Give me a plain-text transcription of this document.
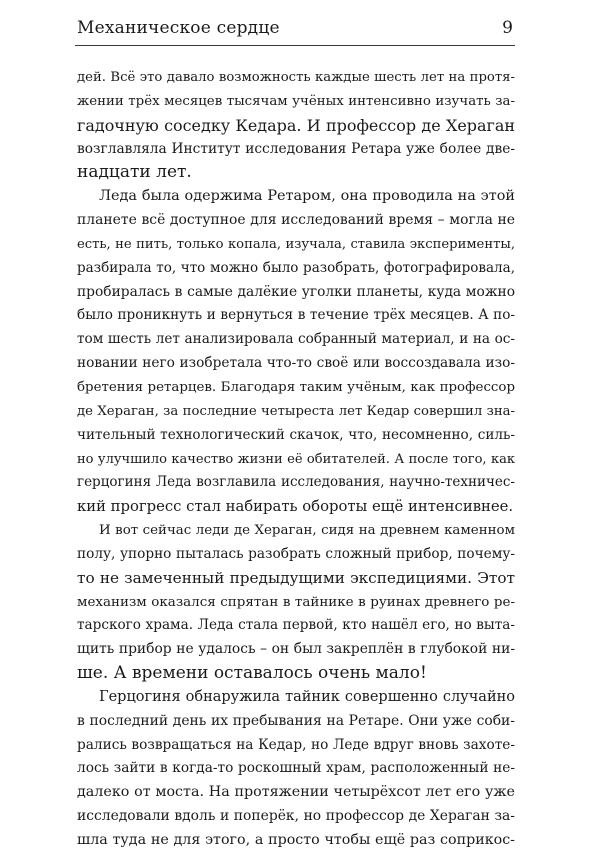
Механическое сердце	9
дей. Всё это давало возможность каждые шесть лет на протя-
жении трёх месяцев тысячам учёных интенсивно изучать за-
гадочную соседку Кедара. И профессор де Хераган
возглавляла Институт исследования Ретара уже более две-
надцати лет.
Леда была одержима Ретаром, она проводила на этой
планете всё доступное для исследований время – могла не
есть, не пить, только копала, изучала, ставила эксперименты,
разбирала то, что можно было разобрать, фотографировала,
пробиралась в самые далёкие уголки планеты, куда можно
было проникнуть и вернуться в течение трёх месяцев. А по-
том шесть лет анализировала собранный материал, и на ос-
новании него изобретала что-то своё или воссоздавала изо-
бретения ретарцев. Благодаря таким учёным, как профессор
де Хераган, за последние четыреста лет Кедар совершил зна-
чительный технологический скачок, что, несомненно, силь-
но улучшило качество жизни её обитателей. А после того, как
герцогиня Леда возглавила исследования, научно-техничес-
кий прогресс стал набирать обороты ещё интенсивнее.
И вот сейчас леди де Хераган, сидя на древнем каменном
полу, упорно пыталась разобрать сложный прибор, почему-
то не замеченный предыдущими экспедициями. Этот
механизм оказался спрятан в тайнике в руинах древнего ре-
тарского храма. Леда стала первой, кто нашёл его, но выта-
щить прибор не удалось – он был закреплён в глубокой ни-
ше. А времени оставалось очень мало!
Герцогиня обнаружила тайник совершенно случайно
в последний день их пребывания на Ретаре. Они уже соби-
рались возвращаться на Кедар, но Леде вдруг вновь захоте-
лось зайти в когда-то роскошный храм, расположенный не-
далеко от моста. На протяжении четырёхсот лет его уже
исследовали вдоль и поперёк, но профессор де Хераган за-
шла туда не для этого, а просто чтобы ещё раз соприкос-
